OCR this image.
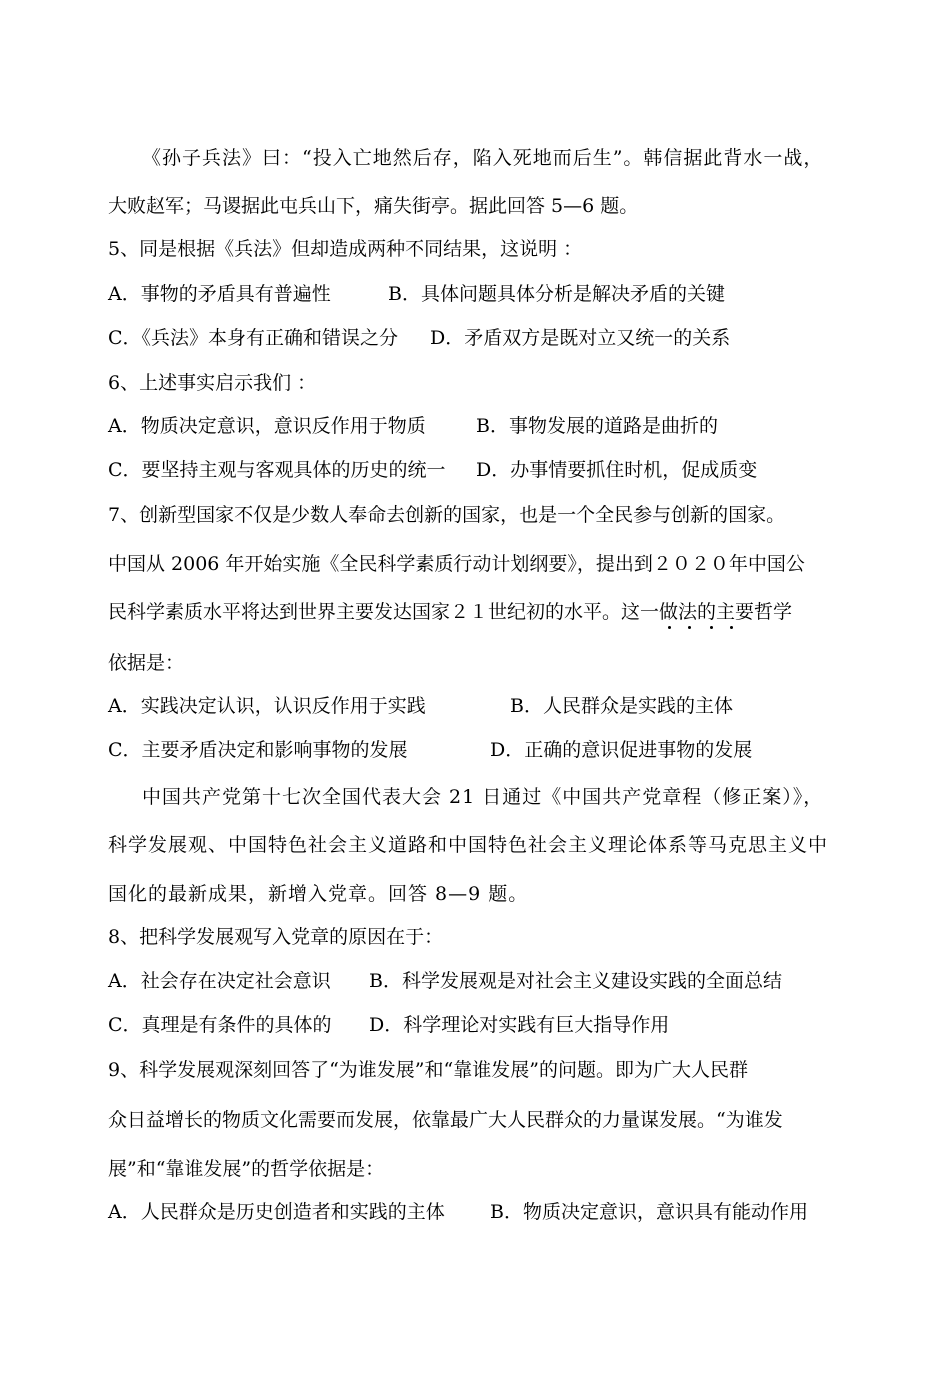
《孙子兵法》曰：“投入亡地然后存，陷入死地而后生”。韩信据此背水一战，
大败赵军；马谡据此屯兵山下，痛失街亭。据此回答 5—6 题。
5、同是根据《兵法》但却造成两种不同结果，这说明 ：
A．事物的矛盾具有普遍性	B．具体问题具体分析是解决矛盾的关键
C．《兵法》本身有正确和错误之分 D．矛盾双方是既对立又统一的关系
6、上述事实启示我们 ：
A．物质决定意识，意识反作用于物质	B．事物发展的道路是曲折的
C．要坚持主观与客观具体的历史的统一 D．办事情要抓住时机，促成质变
7、创新型国家不仅是少数人奉命去创新的国家，也是一个全民参与创新的国家。
中国从 2006 年开始实施《全民科学素质行动计划纲要》，提出到２０２０年中国公
民科学素质水平将达到世界主要发达国家２１世纪初的水平。这一做法的主要哲学
依据是：
A．实践决定认识，认识反作用于实践	B．人民群众是实践的主体
C．主要矛盾决定和影响事物的发展	D．正确的意识促进事物的发展
中国共产党第十七次全国代表大会 21 日通过《中国共产党章程（修正案）》，
科学发展观、中国特色社会主义道路和中国特色社会主义理论体系等马克思主义中
国化的最新成果，新增入党章。回答 8—9 题。
8、把科学发展观写入党章的原因在于：
A．社会存在决定社会意识 B．科学发展观是对社会主义建设实践的全面总结
C．真理是有条件的具体的 D．科学理论对实践有巨大指导作用
9、科学发展观深刻回答了“为谁发展”和“靠谁发展”的问题。即为广大人民群
众日益增长的物质文化需要而发展，依靠最广大人民群众的力量谋发展。“为谁发
展”和“靠谁发展”的哲学依据是：
A．人民群众是历史创造者和实践的主体 B．物质决定意识，意识具有能动作用
